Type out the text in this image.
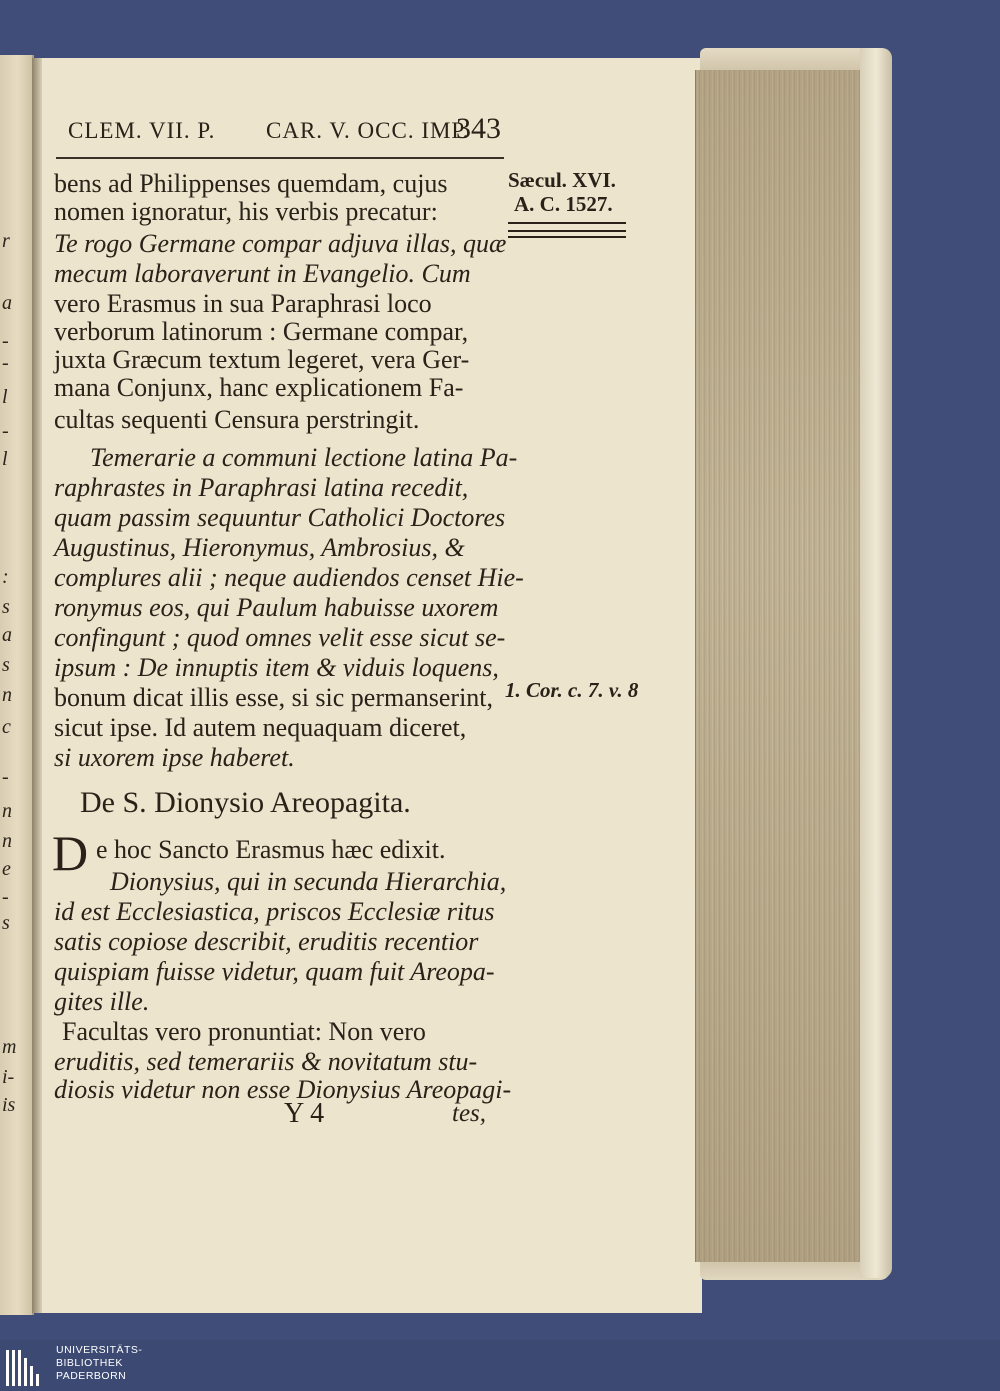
r
a
-
-
l
-
l
:
s
a
s
n
c
-
n
n
e
-
s
m
i-
is
CLEM. VII. P. CAR. V. OCC. IMP.
343
Sæcul. XVI.
A. C. 1527.
1. Cor. c. 7. v. 8
bens ad Philippenses quemdam, cujus
nomen ignoratur, his verbis precatur:
Te rogo Germane compar adjuva illas, quæ
mecum laboraverunt in Evangelio. Cum
vero Erasmus in sua Paraphrasi loco
verborum latinorum : Germane compar,
juxta Græcum textum legeret, vera Ger-
mana Conjunx, hanc explicationem Fa-
cultas sequenti Censura perstringit.
Temerarie a communi lectione latina Pa-
raphrastes in Paraphrasi latina recedit,
quam passim sequuntur Catholici Doctores
Augustinus, Hieronymus, Ambrosius, &
complures alii ; neque audiendos censet Hie-
ronymus eos, qui Paulum habuisse uxorem
confingunt ; quod omnes velit esse sicut se-
ipsum : De innuptis item & viduis loquens,
bonum dicat illis esse, si sic permanserint,
sicut ipse. Id autem nequaquam diceret,
si uxorem ipse haberet.
De S. Dionysio Areopagita.
D e hoc Sancto Erasmus hæc edixit.
Dionysius, qui in secunda Hierarchia,
id est Ecclesiastica, priscos Ecclesiæ ritus
satis copiose describit, eruditis recentior
quispiam fuisse videtur, quam fuit Areopa-
gites ille.
Facultas vero pronuntiat: Non vero
eruditis, sed temerariis & novitatum stu-
diosis videtur non esse Dionysius Areopagi-
Y 4	tes,
UNIVERSITÄTS-
BIBLIOTHEK
PADERBORN
